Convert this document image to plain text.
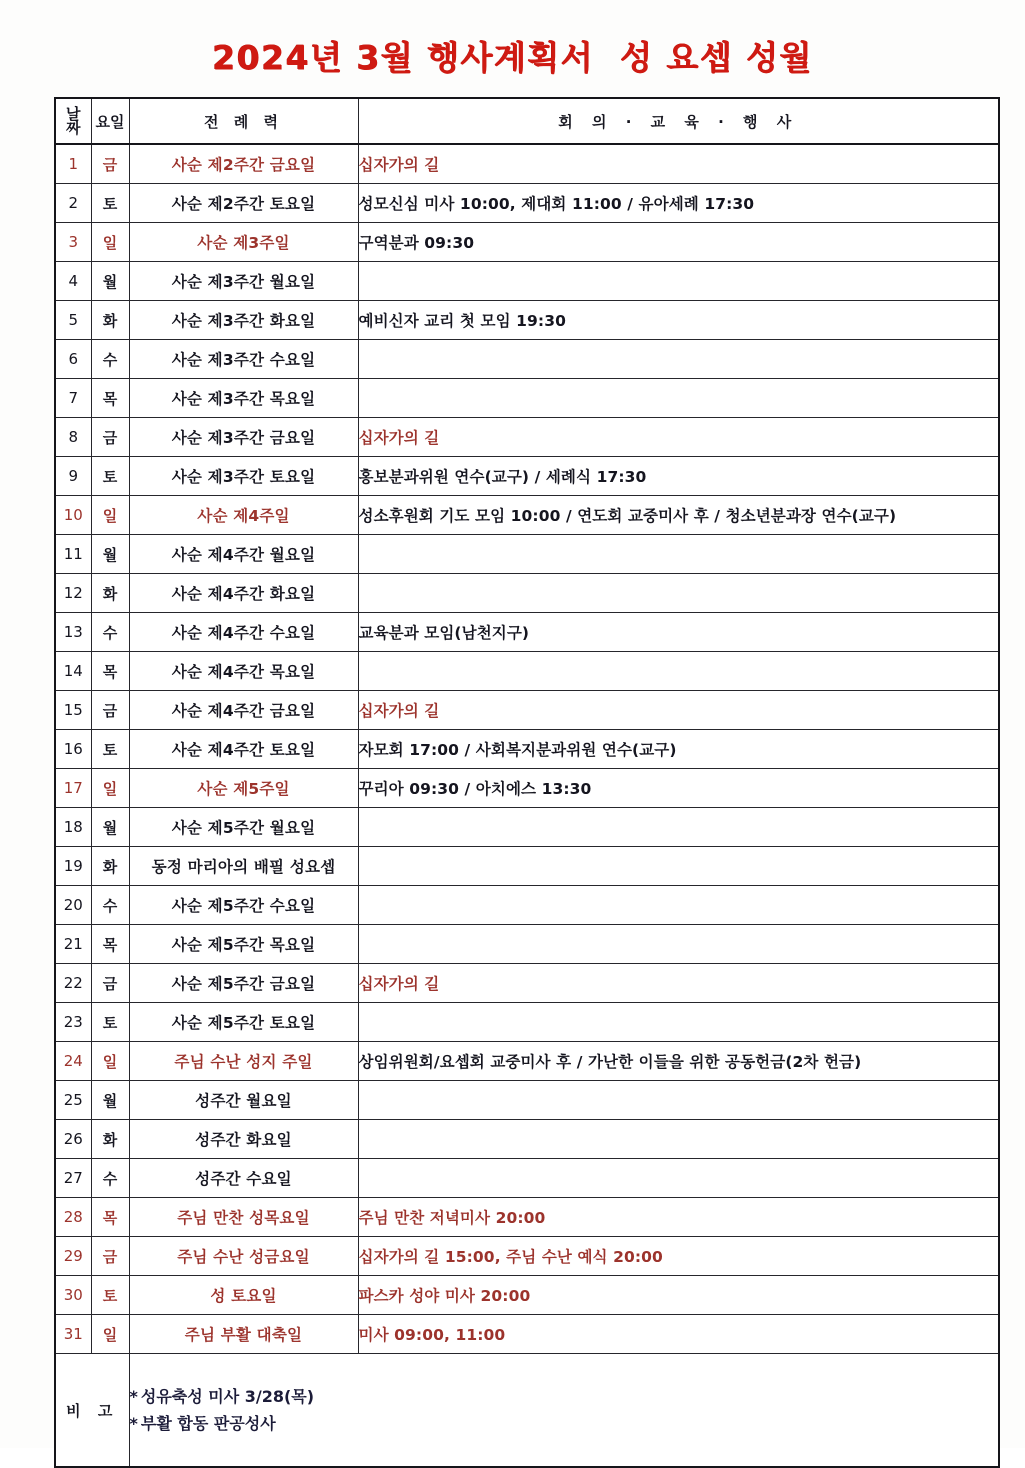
2024년 3월 행사계획서  성 요셉 성월
날
짜	요일	전 례 력	회 의 · 교 육 · 행 사
1	금	사순 제2주간 금요일	십자가의 길
2	토	사순 제2주간 토요일	성모신심 미사 10:00, 제대회 11:00 / 유아세례 17:30
3	일	사순 제3주일	구역분과 09:30
4	월	사순 제3주간 월요일	
5	화	사순 제3주간 화요일	예비신자 교리 첫 모임 19:30
6	수	사순 제3주간 수요일	
7	목	사순 제3주간 목요일	
8	금	사순 제3주간 금요일	십자가의 길
9	토	사순 제3주간 토요일	홍보분과위원 연수(교구) / 세례식 17:30
10	일	사순 제4주일	성소후원회 기도 모임 10:00 / 연도회 교중미사 후 / 청소년분과장 연수(교구)
11	월	사순 제4주간 월요일	
12	화	사순 제4주간 화요일	
13	수	사순 제4주간 수요일	교육분과 모임(남천지구)
14	목	사순 제4주간 목요일	
15	금	사순 제4주간 금요일	십자가의 길
16	토	사순 제4주간 토요일	자모회 17:00 / 사회복지분과위원 연수(교구)
17	일	사순 제5주일	꾸리아 09:30 / 아치에스 13:30
18	월	사순 제5주간 월요일	
19	화	동정 마리아의 배필 성요셉	
20	수	사순 제5주간 수요일	
21	목	사순 제5주간 목요일	
22	금	사순 제5주간 금요일	십자가의 길
23	토	사순 제5주간 토요일	
24	일	주님 수난 성지 주일	상임위원회/요셉회 교중미사 후 / 가난한 이들을 위한 공동헌금(2차 헌금)
25	월	성주간 월요일	
26	화	성주간 화요일	
27	수	성주간 수요일	
28	목	주님 만찬 성목요일	주님 만찬 저녁미사 20:00
29	금	주님 수난 성금요일	십자가의 길 15:00, 주님 수난 예식 20:00
30	토	성 토요일	파스카 성야 미사 20:00
31	일	주님 부활 대축일	미사 09:00, 11:00
비 고		* 성유축성 미사 3/28(목)
* 부활 합동 판공성사	
